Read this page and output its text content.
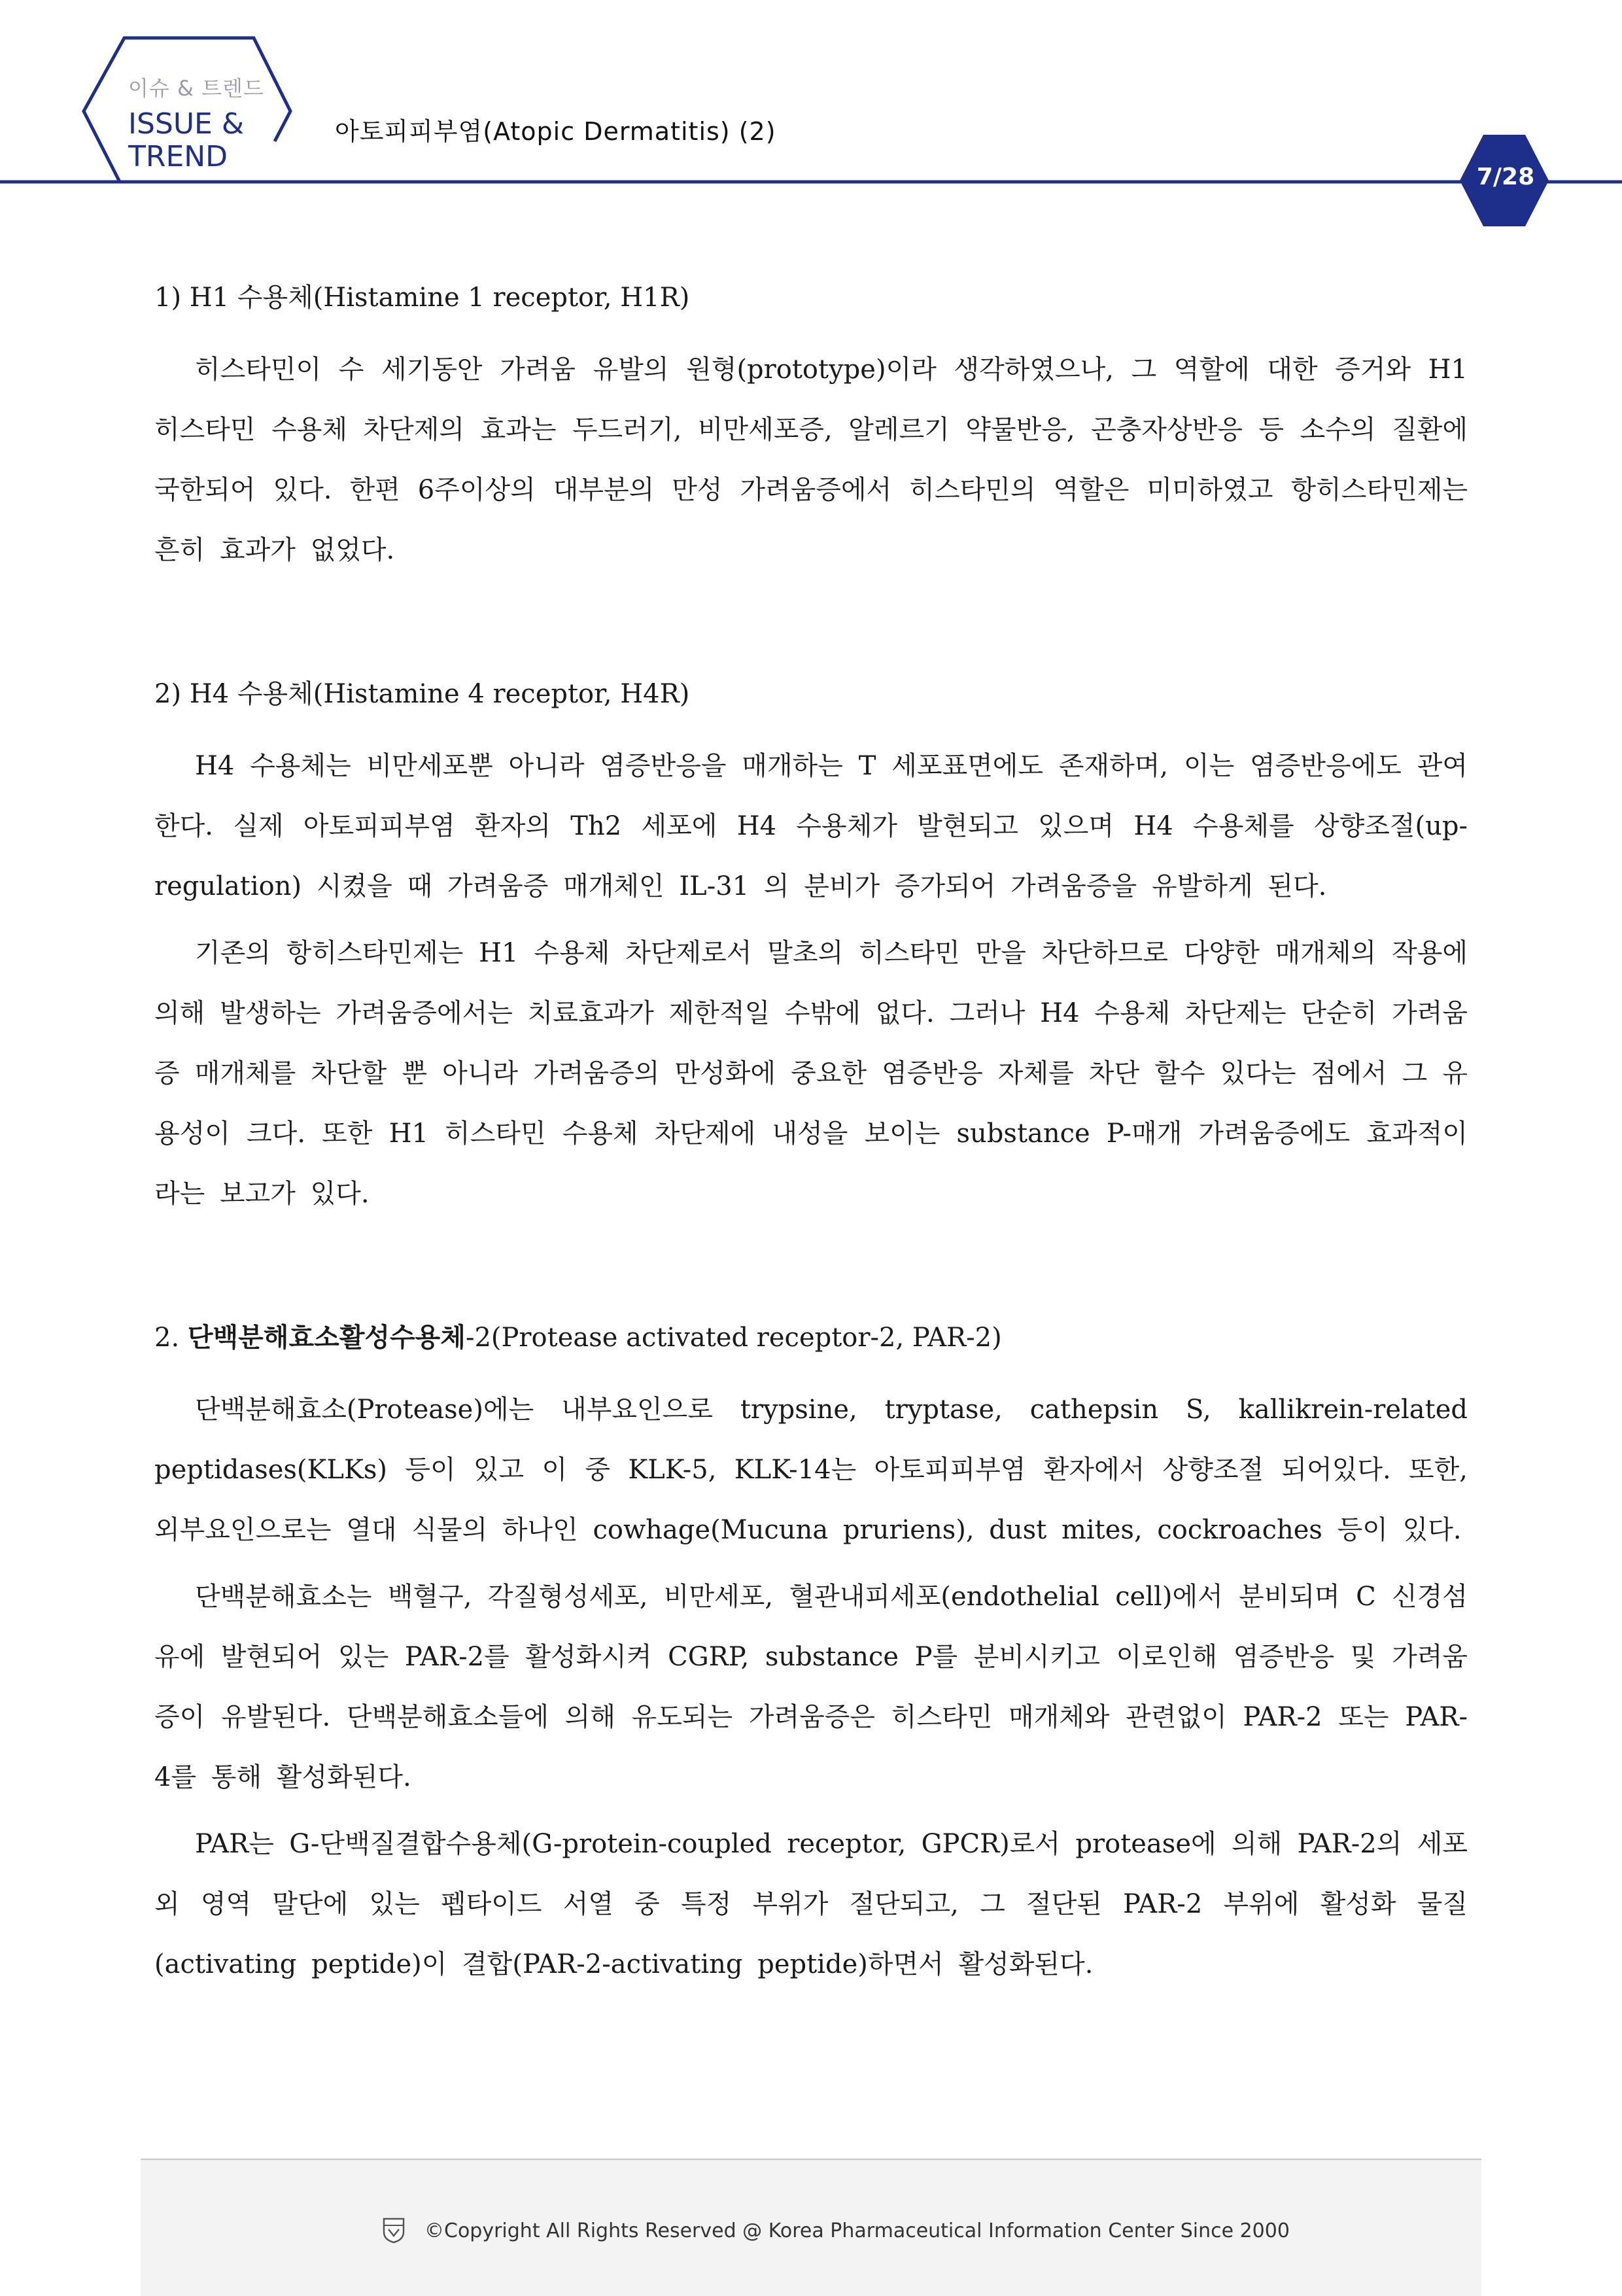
이슈 & 트렌드
ISSUE &
TREND
아토피피부염(Atopic Dermatitis) (2)
7/28

1) H1 수용체(Histamine 1 receptor, H1R)

히스타민이 수 세기동안 가려움 유발의 원형(prototype)이라 생각하였으나, 그 역할에 대한 증거와 H1 히스타민 수용체 차단제의 효과는 두드러기, 비만세포증, 알레르기 약물반응, 곤충자상반응 등 소수의 질환에 국한되어 있다. 한편 6주이상의 대부분의 만성 가려움증에서 히스타민의 역할은 미미하였고 항히스타민제는 흔히 효과가 없었다.

2) H4 수용체(Histamine 4 receptor, H4R)

H4 수용체는 비만세포뿐 아니라 염증반응을 매개하는 T 세포표면에도 존재하며, 이는 염증반응에도 관여한다. 실제 아토피피부염 환자의 Th2 세포에 H4 수용체가 발현되고 있으며 H4 수용체를 상향조절(up-regulation) 시켰을 때 가려움증 매개체인 IL-31 의 분비가 증가되어 가려움증을 유발하게 된다.

기존의 항히스타민제는 H1 수용체 차단제로서 말초의 히스타민 만을 차단하므로 다양한 매개체의 작용에 의해 발생하는 가려움증에서는 치료효과가 제한적일 수밖에 없다. 그러나 H4 수용체 차단제는 단순히 가려움증 매개체를 차단할 뿐 아니라 가려움증의 만성화에 중요한 염증반응 자체를 차단 할수 있다는 점에서 그 유용성이 크다. 또한 H1 히스타민 수용체 차단제에 내성을 보이는 substance P-매개 가려움증에도 효과적이라는 보고가 있다.

2. 단백분해효소활성수용체-2(Protease activated receptor-2, PAR-2)

단백분해효소(Protease)에는 내부요인으로 trypsine, tryptase, cathepsin S, kallikrein-related peptidases(KLKs) 등이 있고 이 중 KLK-5, KLK-14는 아토피피부염 환자에서 상향조절 되어있다. 또한, 외부요인으로는 열대 식물의 하나인 cowhage(Mucuna pruriens), dust mites, cockroaches 등이 있다.

단백분해효소는 백혈구, 각질형성세포, 비만세포, 혈관내피세포(endothelial cell)에서 분비되며 C 신경섬유에 발현되어 있는 PAR-2를 활성화시켜 CGRP, substance P를 분비시키고 이로인해 염증반응 및 가려움증이 유발된다. 단백분해효소들에 의해 유도되는 가려움증은 히스타민 매개체와 관련없이 PAR-2 또는 PAR-4를 통해 활성화된다.

PAR는 G-단백질결합수용체(G-protein-coupled receptor, GPCR)로서 protease에 의해 PAR-2의 세포외 영역 말단에 있는 펩타이드 서열 중 특정 부위가 절단되고, 그 절단된 PAR-2 부위에 활성화 물질(activating peptide)이 결합(PAR-2-activating peptide)하면서 활성화된다.

©Copyright All Rights Reserved @ Korea Pharmaceutical Information Center Since 2000
